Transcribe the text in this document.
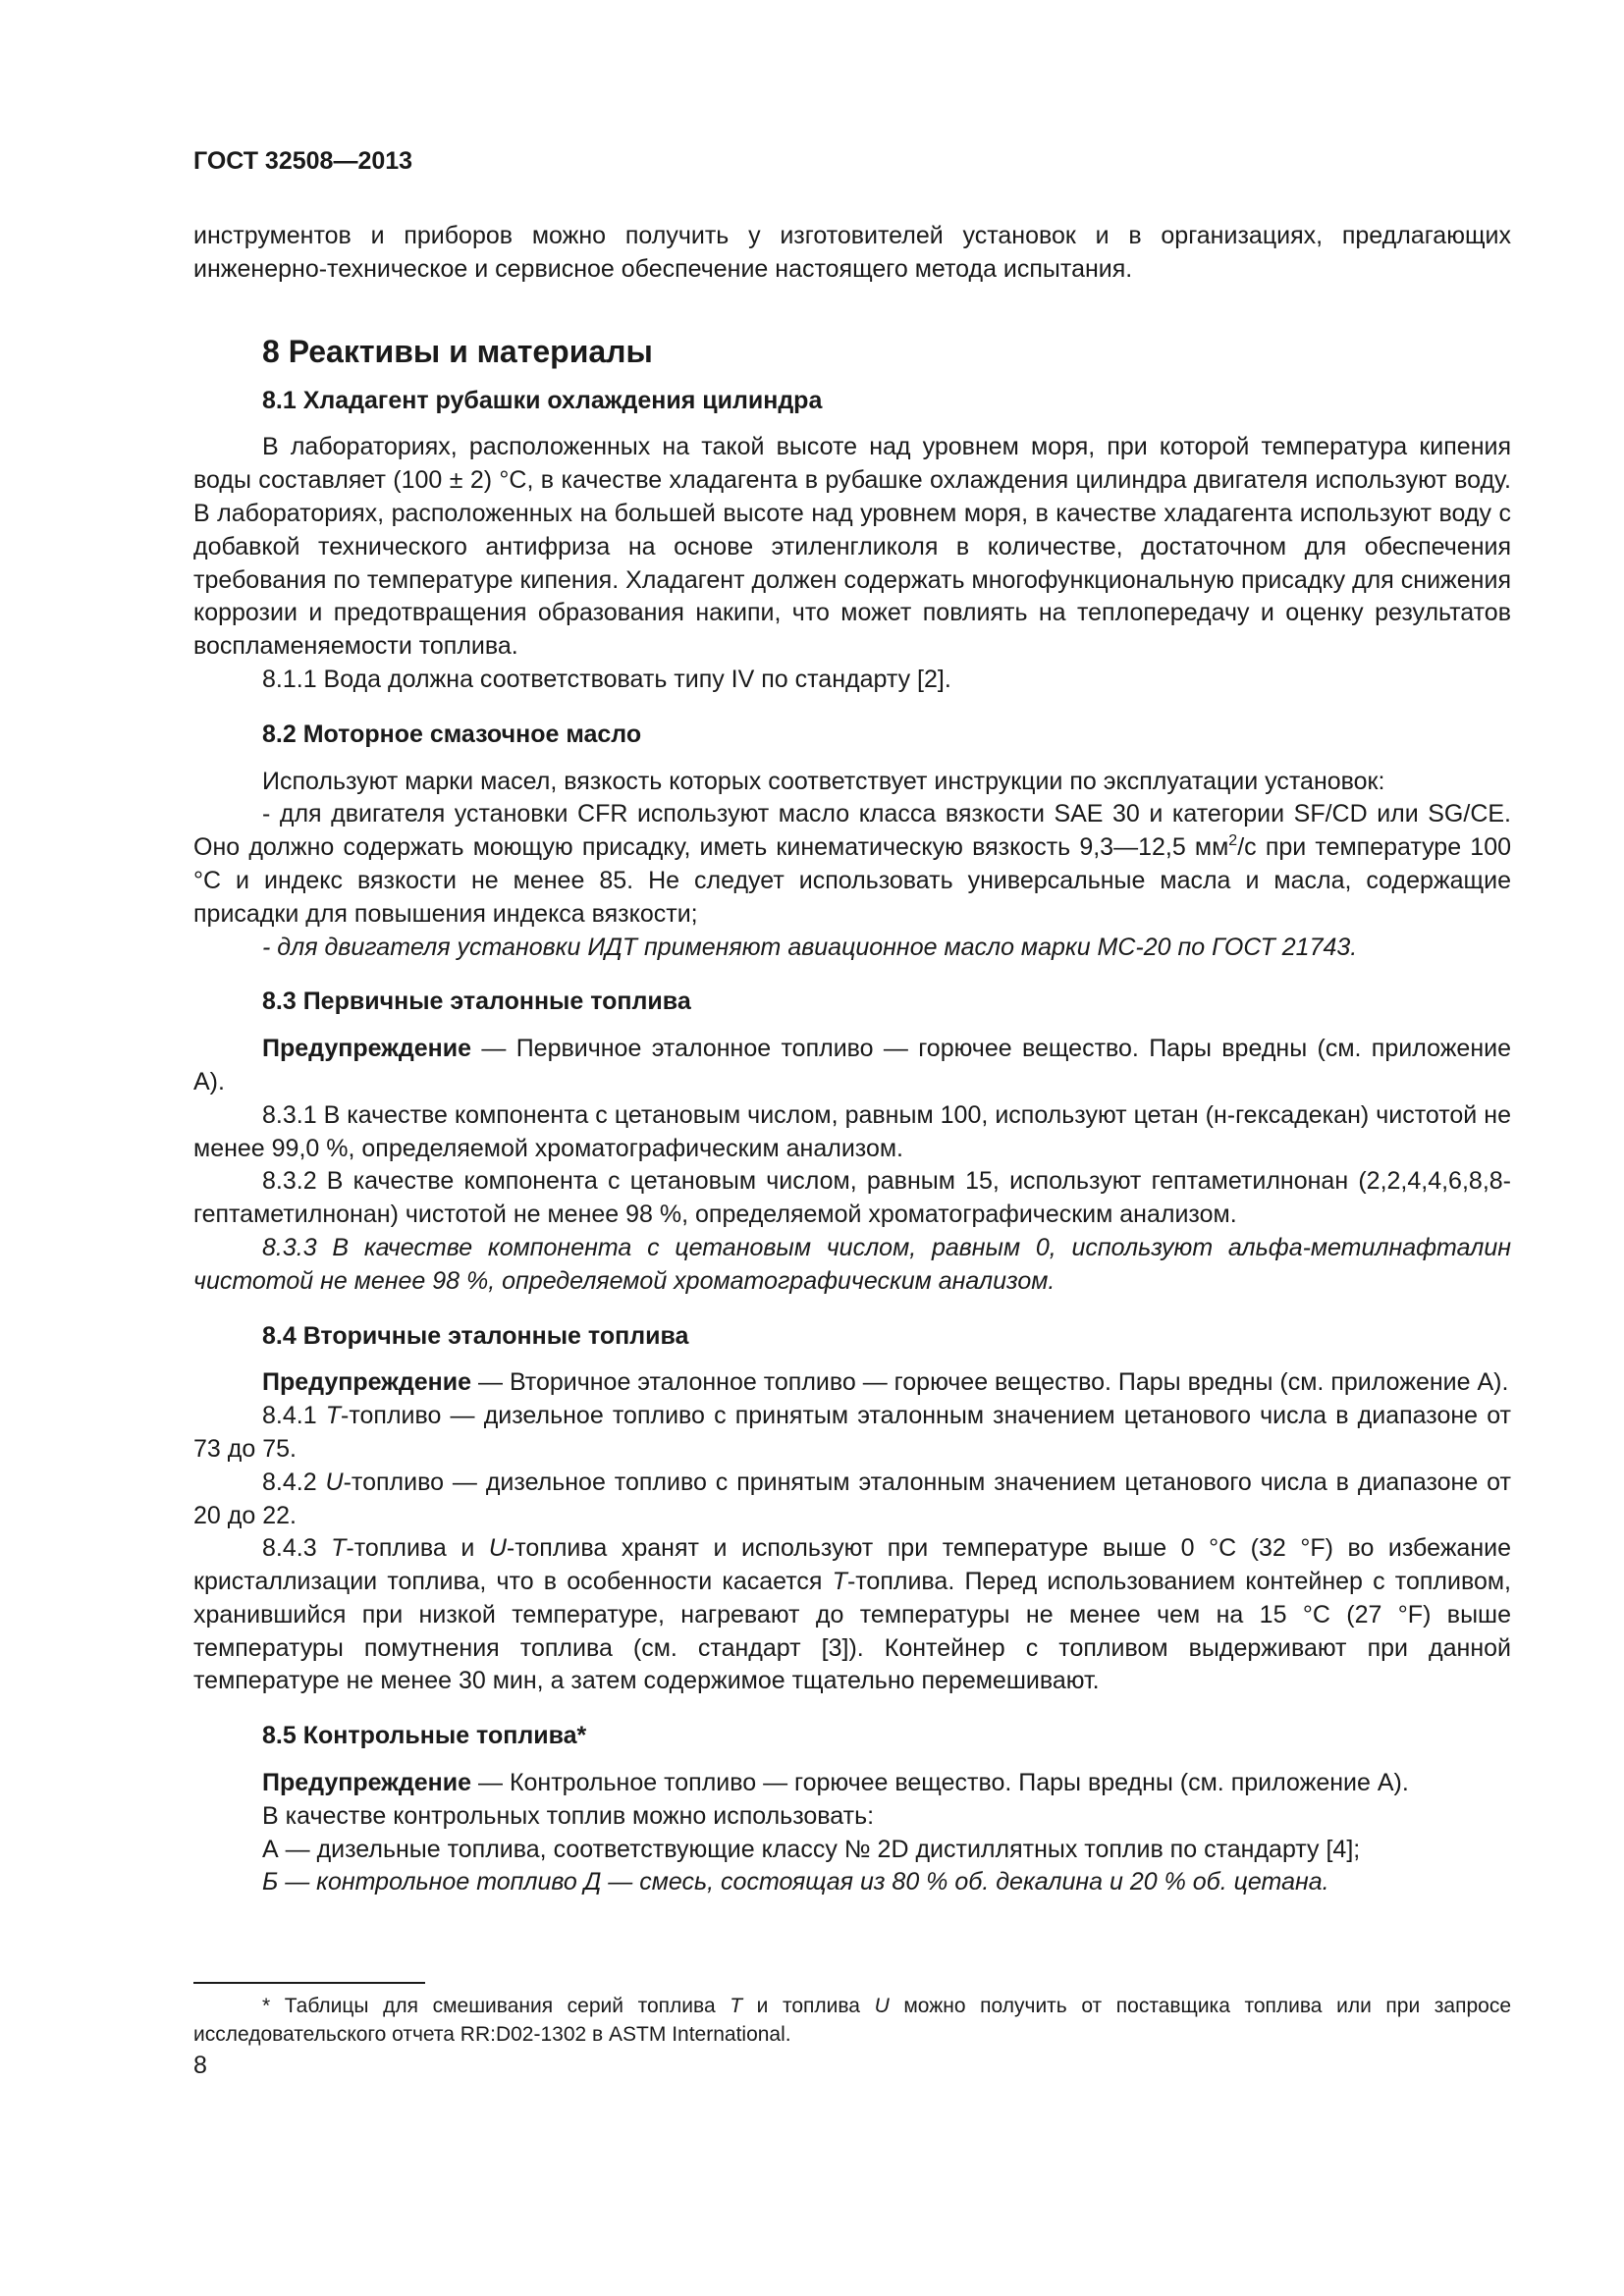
ГОСТ 32508—2013

инструментов и приборов можно получить у изготовителей установок и в организациях, предлагающих инженерно-техническое и сервисное обеспечение настоящего метода испытания.

8 Реактивы и материалы
8.1 Хладагент рубашки охлаждения цилиндра

В лабораториях, расположенных на такой высоте над уровнем моря, при которой температура кипения воды составляет (100 ± 2) °С, в качестве хладагента в рубашке охлаждения цилиндра двигателя используют воду. В лабораториях, расположенных на большей высоте над уровнем моря, в качестве хладагента используют воду с добавкой технического антифриза на основе этиленгликоля в количестве, достаточном для обеспечения требования по температуре кипения. Хладагент должен содержать многофункциональную присадку для снижения коррозии и предотвращения образования накипи, что может повлиять на теплопередачу и оценку результатов воспламеняемости топлива.

8.1.1 Вода должна соответствовать типу IV по стандарту [2].

8.2 Моторное смазочное масло

Используют марки масел, вязкость которых соответствует инструкции по эксплуатации установок:

- для двигателя установки CFR используют масло класса вязкости SAE 30 и категории SF/CD или SG/CE. Оно должно содержать моющую присадку, иметь кинематическую вязкость 9,3—12,5 $мм^2/с$ при температуре 100 °С и индекс вязкости не менее 85. Не следует использовать универсальные масла и масла, содержащие присадки для повышения индекса вязкости;

- для двигателя установки ИДТ применяют авиационное масло марки МС-20 по ГОСТ 21743.

8.3 Первичные эталонные топлива

Предупреждение — Первичное эталонное топливо — горючее вещество. Пары вредны (см. приложение А).

8.3.1 В качестве компонента с цетановым числом, равным 100, используют цетан (н-гексадекан) чистотой не менее 99,0 %, определяемой хроматографическим анализом.

8.3.2 В качестве компонента с цетановым числом, равным 15, используют гептаметилнонан (2,2,4,4,6,8,8-гептаметилнонан) чистотой не менее 98 %, определяемой хроматографическим анализом.

8.3.3 В качестве компонента с цетановым числом, равным 0, используют альфа-метилнафталин чистотой не менее 98 %, определяемой хроматографическим анализом.

8.4 Вторичные эталонные топлива

Предупреждение — Вторичное эталонное топливо — горючее вещество. Пары вредны (см. приложение А).

8.4.1 Т-топливо — дизельное топливо с принятым эталонным значением цетанового числа в диапазоне от 73 до 75.

8.4.2 U-топливо — дизельное топливо с принятым эталонным значением цетанового числа в диапазоне от 20 до 22.

8.4.3 Т-топлива и U-топлива хранят и используют при температуре выше 0 °С (32 °F) во избежание кристаллизации топлива, что в особенности касается Т-топлива. Перед использованием контейнер с топливом, хранившийся при низкой температуре, нагревают до температуры не менее чем на 15 °С (27 °F) выше температуры помутнения топлива (см. стандарт [3]). Контейнер с топливом выдерживают при данной температуре не менее 30 мин, а затем содержимое тщательно перемешивают.

8.5 Контрольные топлива*

Предупреждение — Контрольное топливо — горючее вещество. Пары вредны (см. приложение А).

В качестве контрольных топлив можно использовать:

А — дизельные топлива, соответствующие классу № 2D дистиллятных топлив по стандарту [4];

Б — контрольное топливо Д — смесь, состоящая из 80 % об. декалина и 20 % об. цетана.

* Таблицы для смешивания серий топлива Т и топлива U можно получить от поставщика топлива или при запросе исследовательского отчета RR:D02-1302 в ASTM International.

8
